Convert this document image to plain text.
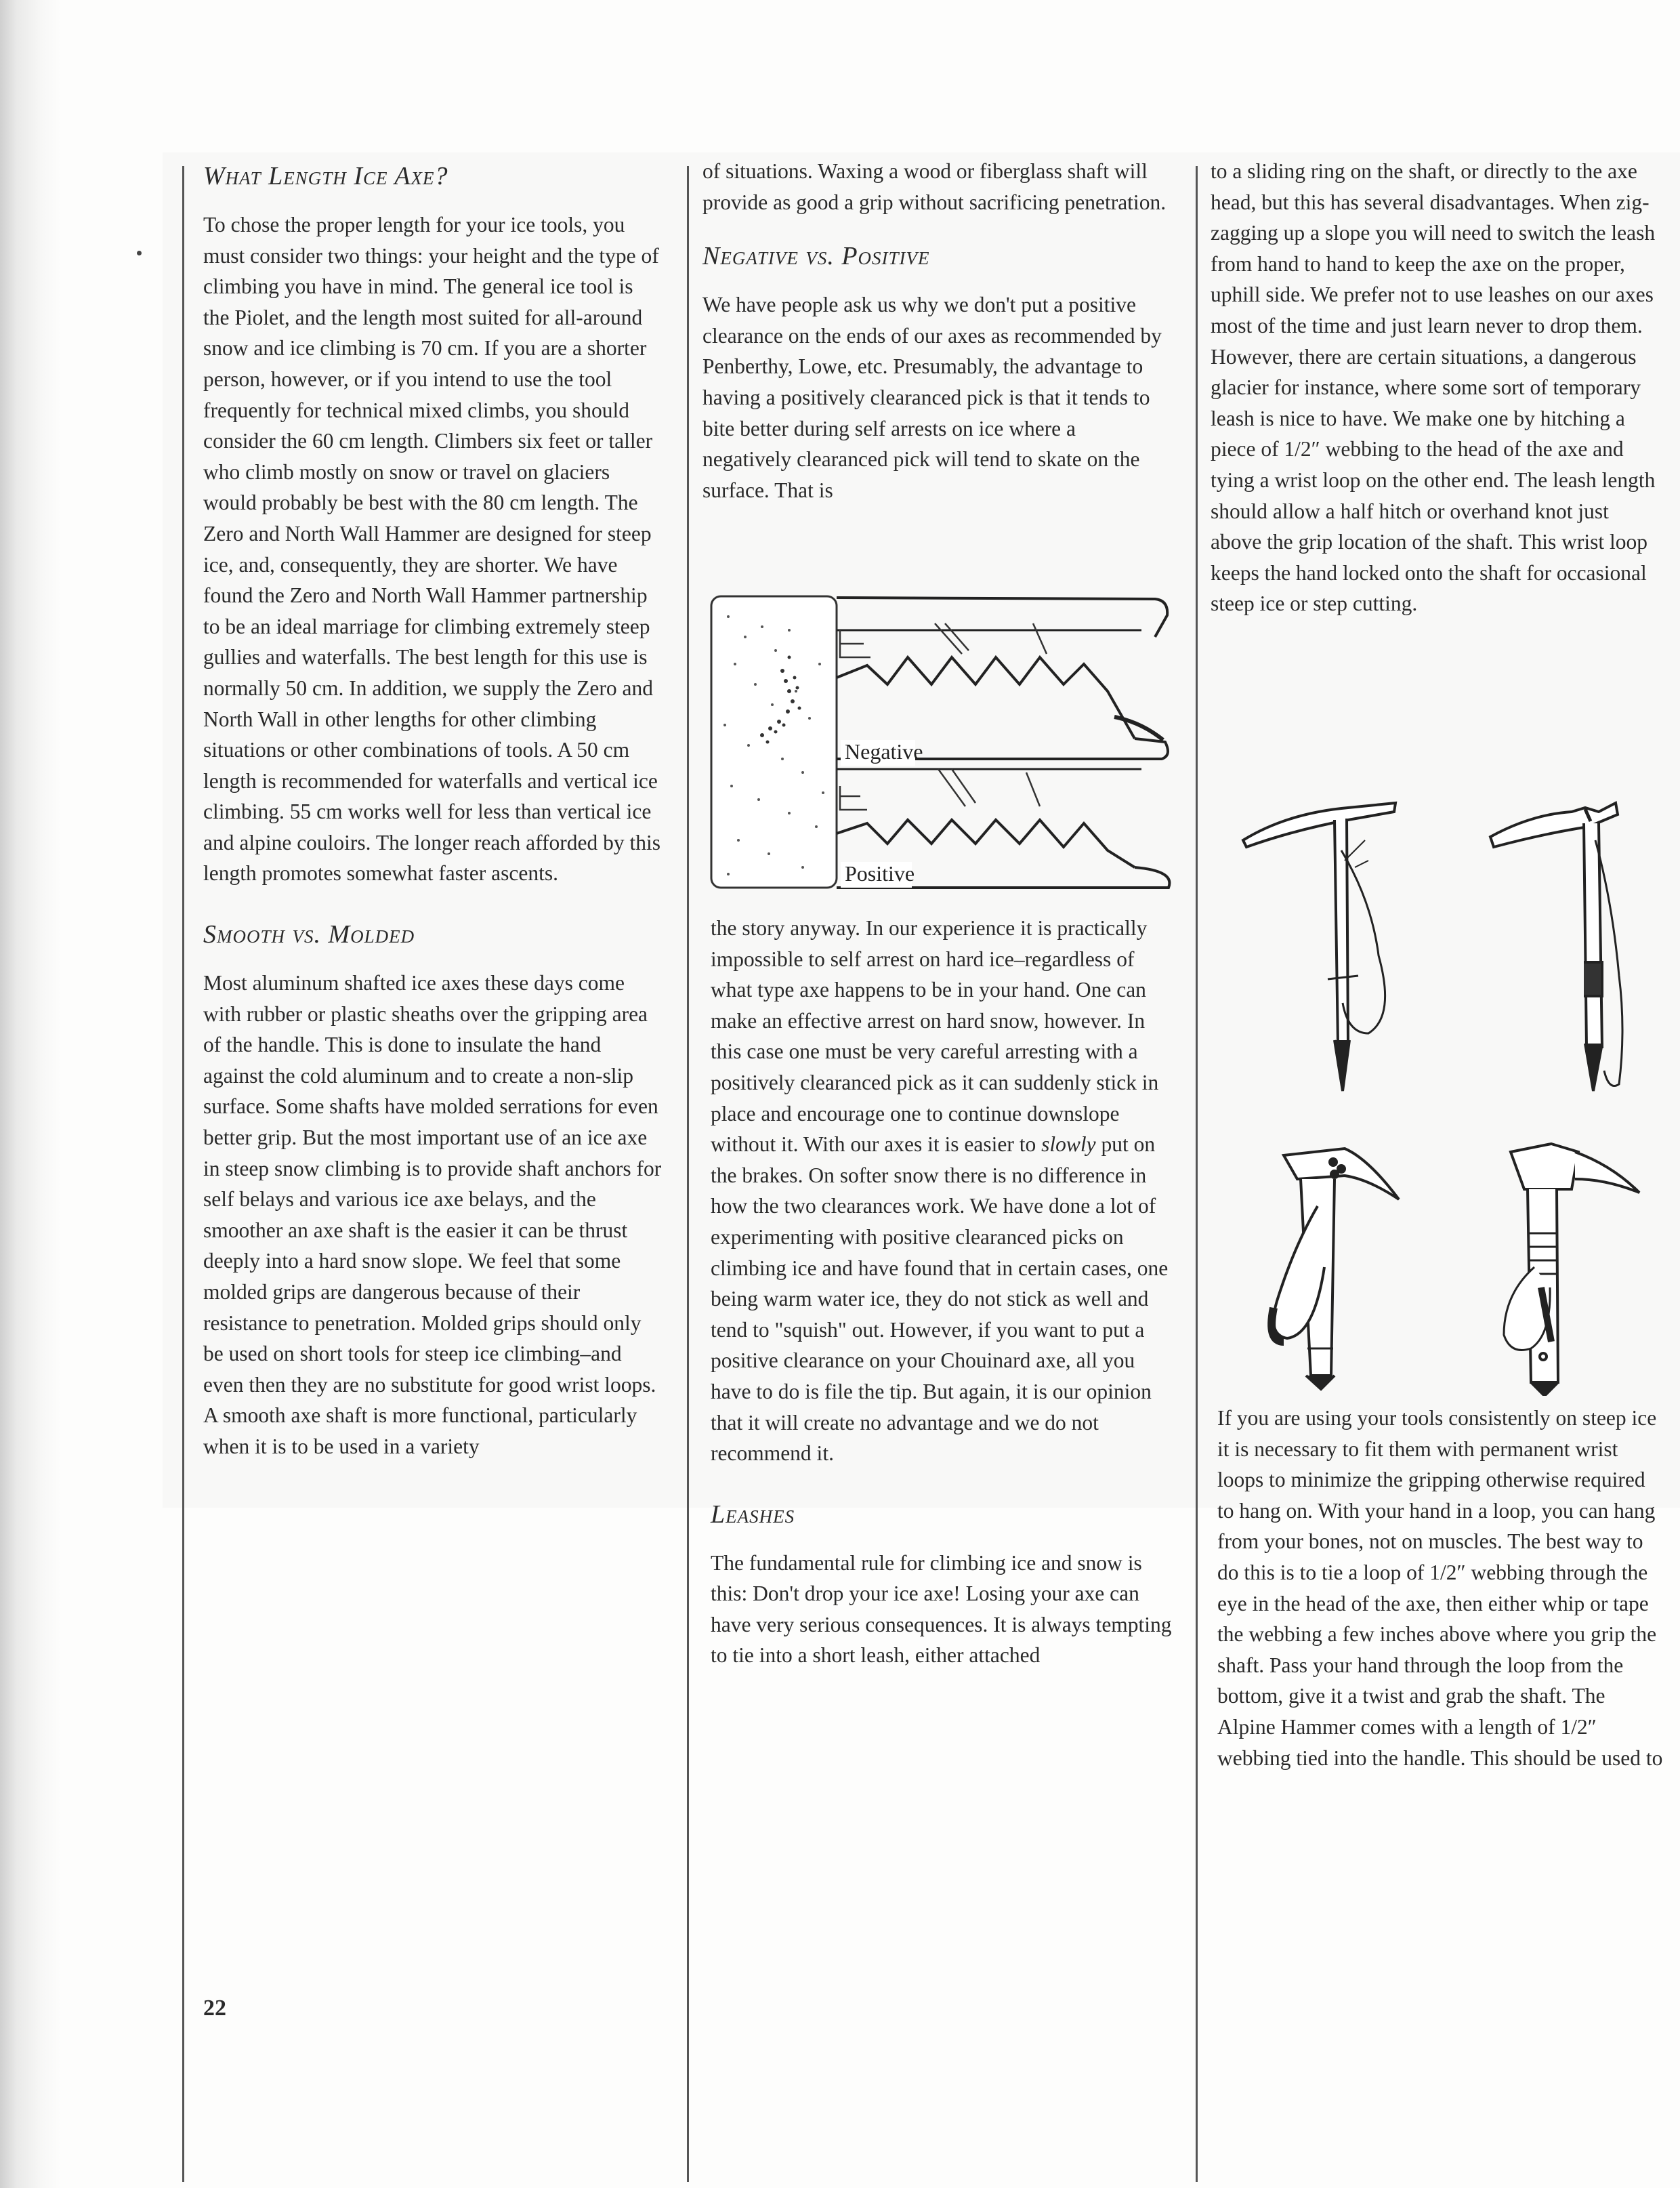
What Length Ice Axe?

To chose the proper length for your ice tools, you must consider two things: your height and the type of climbing you have in mind. The general ice tool is the Piolet, and the length most suited for all-around snow and ice climbing is 70 cm. If you are a shorter person, however, or if you intend to use the tool frequently for technical mixed climbs, you should consider the 60 cm length. Climbers six feet or taller who climb mostly on snow or travel on glaciers would probably be best with the 80 cm length. The Zero and North Wall Hammer are designed for steep ice, and, consequently, they are shorter. We have found the Zero and North Wall Hammer partnership to be an ideal marriage for climbing extremely steep gullies and waterfalls. The best length for this use is normally 50 cm. In addition, we supply the Zero and North Wall in other lengths for other climbing situations or other combinations of tools. A 50 cm length is recommended for waterfalls and vertical ice climbing. 55 cm works well for less than vertical ice and alpine couloirs. The longer reach afforded by this length promotes somewhat faster ascents.

Smooth vs. Molded

Most aluminum shafted ice axes these days come with rubber or plastic sheaths over the gripping area of the handle. This is done to insulate the hand against the cold aluminum and to create a non-slip surface. Some shafts have molded serrations for even better grip. But the most important use of an ice axe in steep snow climbing is to provide shaft anchors for self belays and various ice axe belays, and the smoother an axe shaft is the easier it can be thrust deeply into a hard snow slope. We feel that some molded grips are dangerous because of their resistance to penetration. Molded grips should only be used on short tools for steep ice climbing–and even then they are no substitute for good wrist loops. A smooth axe shaft is more functional, particularly when it is to be used in a variety

of situations. Waxing a wood or fiberglass shaft will provide as good a grip without sacrificing penetration.

Negative vs. Positive

We have people ask us why we don't put a positive clearance on the ends of our axes as recommended by Penberthy, Lowe, etc. Presumably, the advantage to having a positively clearanced pick is that it tends to bite better during self arrests on ice where a negatively clearanced pick will tend to skate on the surface. That is

Negative
Positive

the story anyway. In our experience it is practically impossible to self arrest on hard ice–regardless of what type axe happens to be in your hand. One can make an effective arrest on hard snow, however. In this case one must be very careful arresting with a positively clearanced pick as it can suddenly stick in place and encourage one to continue downslope without it. With our axes it is easier to slowly put on the brakes. On softer snow there is no difference in how the two clearances work. We have done a lot of experimenting with positive clearanced picks on climbing ice and have found that in certain cases, one being warm water ice, they do not stick as well and tend to "squish" out. However, if you want to put a positive clearance on your Chouinard axe, all you have to do is file the tip. But again, it is our opinion that it will create no advantage and we do not recommend it.

Leashes

The fundamental rule for climbing ice and snow is this: Don't drop your ice axe! Losing your axe can have very serious consequences. It is always tempting to tie into a short leash, either attached

to a sliding ring on the shaft, or directly to the axe head, but this has several disadvantages. When zig-zagging up a slope you will need to switch the leash from hand to hand to keep the axe on the proper, uphill side. We prefer not to use leashes on our axes most of the time and just learn never to drop them. However, there are certain situations, a dangerous glacier for instance, where some sort of temporary leash is nice to have. We make one by hitching a piece of 1/2″ webbing to the head of the axe and tying a wrist loop on the other end. The leash length should allow a half hitch or overhand knot just above the grip location of the shaft. This wrist loop keeps the hand locked onto the shaft for occasional steep ice or step cutting.

If you are using your tools consistently on steep ice it is necessary to fit them with permanent wrist loops to minimize the gripping otherwise required to hang on. With your hand in a loop, you can hang from your bones, not on muscles. The best way to do this is to tie a loop of 1/2″ webbing through the eye in the head of the axe, then either whip or tape the webbing a few inches above where you grip the shaft. Pass your hand through the loop from the bottom, give it a twist and grab the shaft. The Alpine Hammer comes with a length of 1/2″ webbing tied into the handle. This should be used to

22
